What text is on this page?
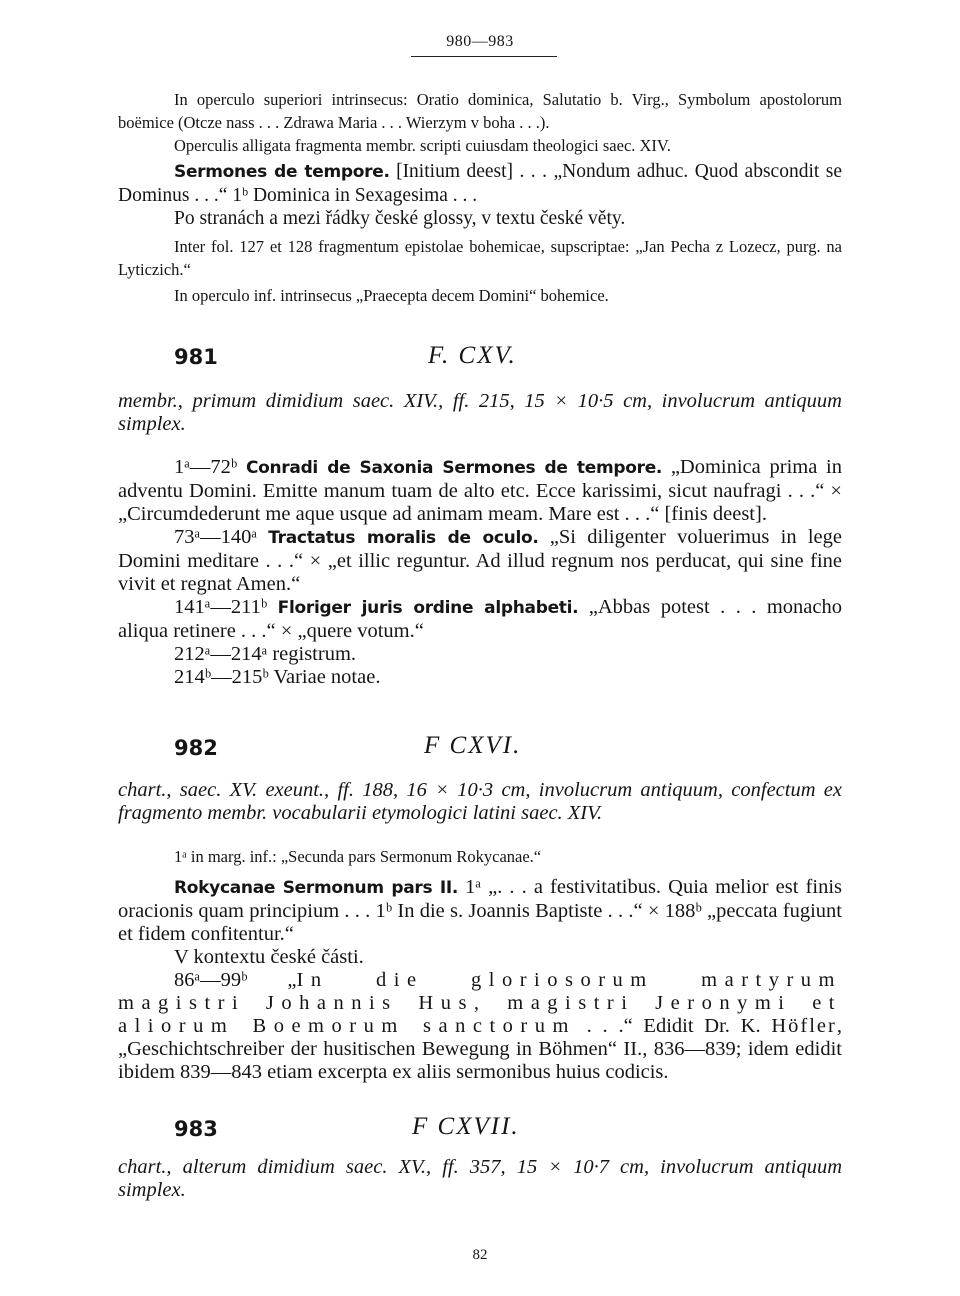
980—983

In operculo superiori intrinsecus: Oratio dominica, Salutatio b. Virg., Symbolum apostolorum boëmice (Otcze nass . . . Zdrawa Maria . . . Wierzym v boha . . .).

Operculis alligata fragmenta membr. scripti cuiusdam theologici saec. XIV.

Sermones de tempore. [Initium deest] . . . „Nondum adhuc. Quod abscondit se Dominus . . .“ 1ᵇ Dominica in Sexagesima . . .

Po stranách a mezi řádky české glossy, v textu české věty.

Inter fol. 127 et 128 fragmentum epistolae bohemicae, supscriptae: „Jan Pecha z Lozecz, purg. na Lyticzich.“

In operculo inf. intrinsecus „Praecepta decem Domini“ bohemice.

981	F. CXV.

membr., primum dimidium saec. XIV., ff. 215, 15 × 10·5 cm, involucrum antiquum simplex.

1ᵃ—72ᵇ Conradi de Saxonia Sermones de tempore. „Dominica prima in adventu Domini. Emitte manum tuam de alto etc. Ecce karissimi, sicut naufragi . . .“ × „Circumdederunt me aque usque ad animam meam. Mare est . . .“ [finis deest].

73ᵃ—140ᵃ Tractatus moralis de oculo. „Si diligenter voluerimus in lege Domini meditare . . .“ × „et illic reguntur. Ad illud regnum nos perducat, qui sine fine vivit et regnat Amen.“

141ᵃ—211ᵇ Floriger juris ordine alphabeti. „Abbas potest . . . monacho aliqua retinere . . .“ × „quere votum.“

212ᵃ—214ᵃ registrum.

214ᵇ—215ᵇ Variae notae.

982	F CXVI.

chart., saec. XV. exeunt., ff. 188, 16 × 10·3 cm, involucrum antiquum, confectum ex fragmento membr. vocabularii etymologici latini saec. XIV.

1ᵃ in marg. inf.: „Secunda pars Sermonum Rokycanae.“

Rokycanae Sermonum pars II. 1ᵃ „. . . a festivitatibus. Quia melior est finis oracionis quam principium . . . 1ᵇ In die s. Joannis Baptiste . . .“ × 188ᵇ „peccata fugiunt et fidem confitentur.“

V kontextu české části.

86ᵃ—99ᵇ „In die gloriosorum martyrum magistri Johannis Hus, magistri Jeronymi et aliorum Boemorum sanctorum . . .“ Edidit Dr. K. Höfler, „Geschichtschreiber der husitischen Bewegung in Böhmen“ II., 836—839; idem edidit ibidem 839—843 etiam excerpta ex aliis sermonibus huius codicis.

983	F CXVII.

chart., alterum dimidium saec. XV., ff. 357, 15 × 10·7 cm, involucrum antiquum simplex.

82
